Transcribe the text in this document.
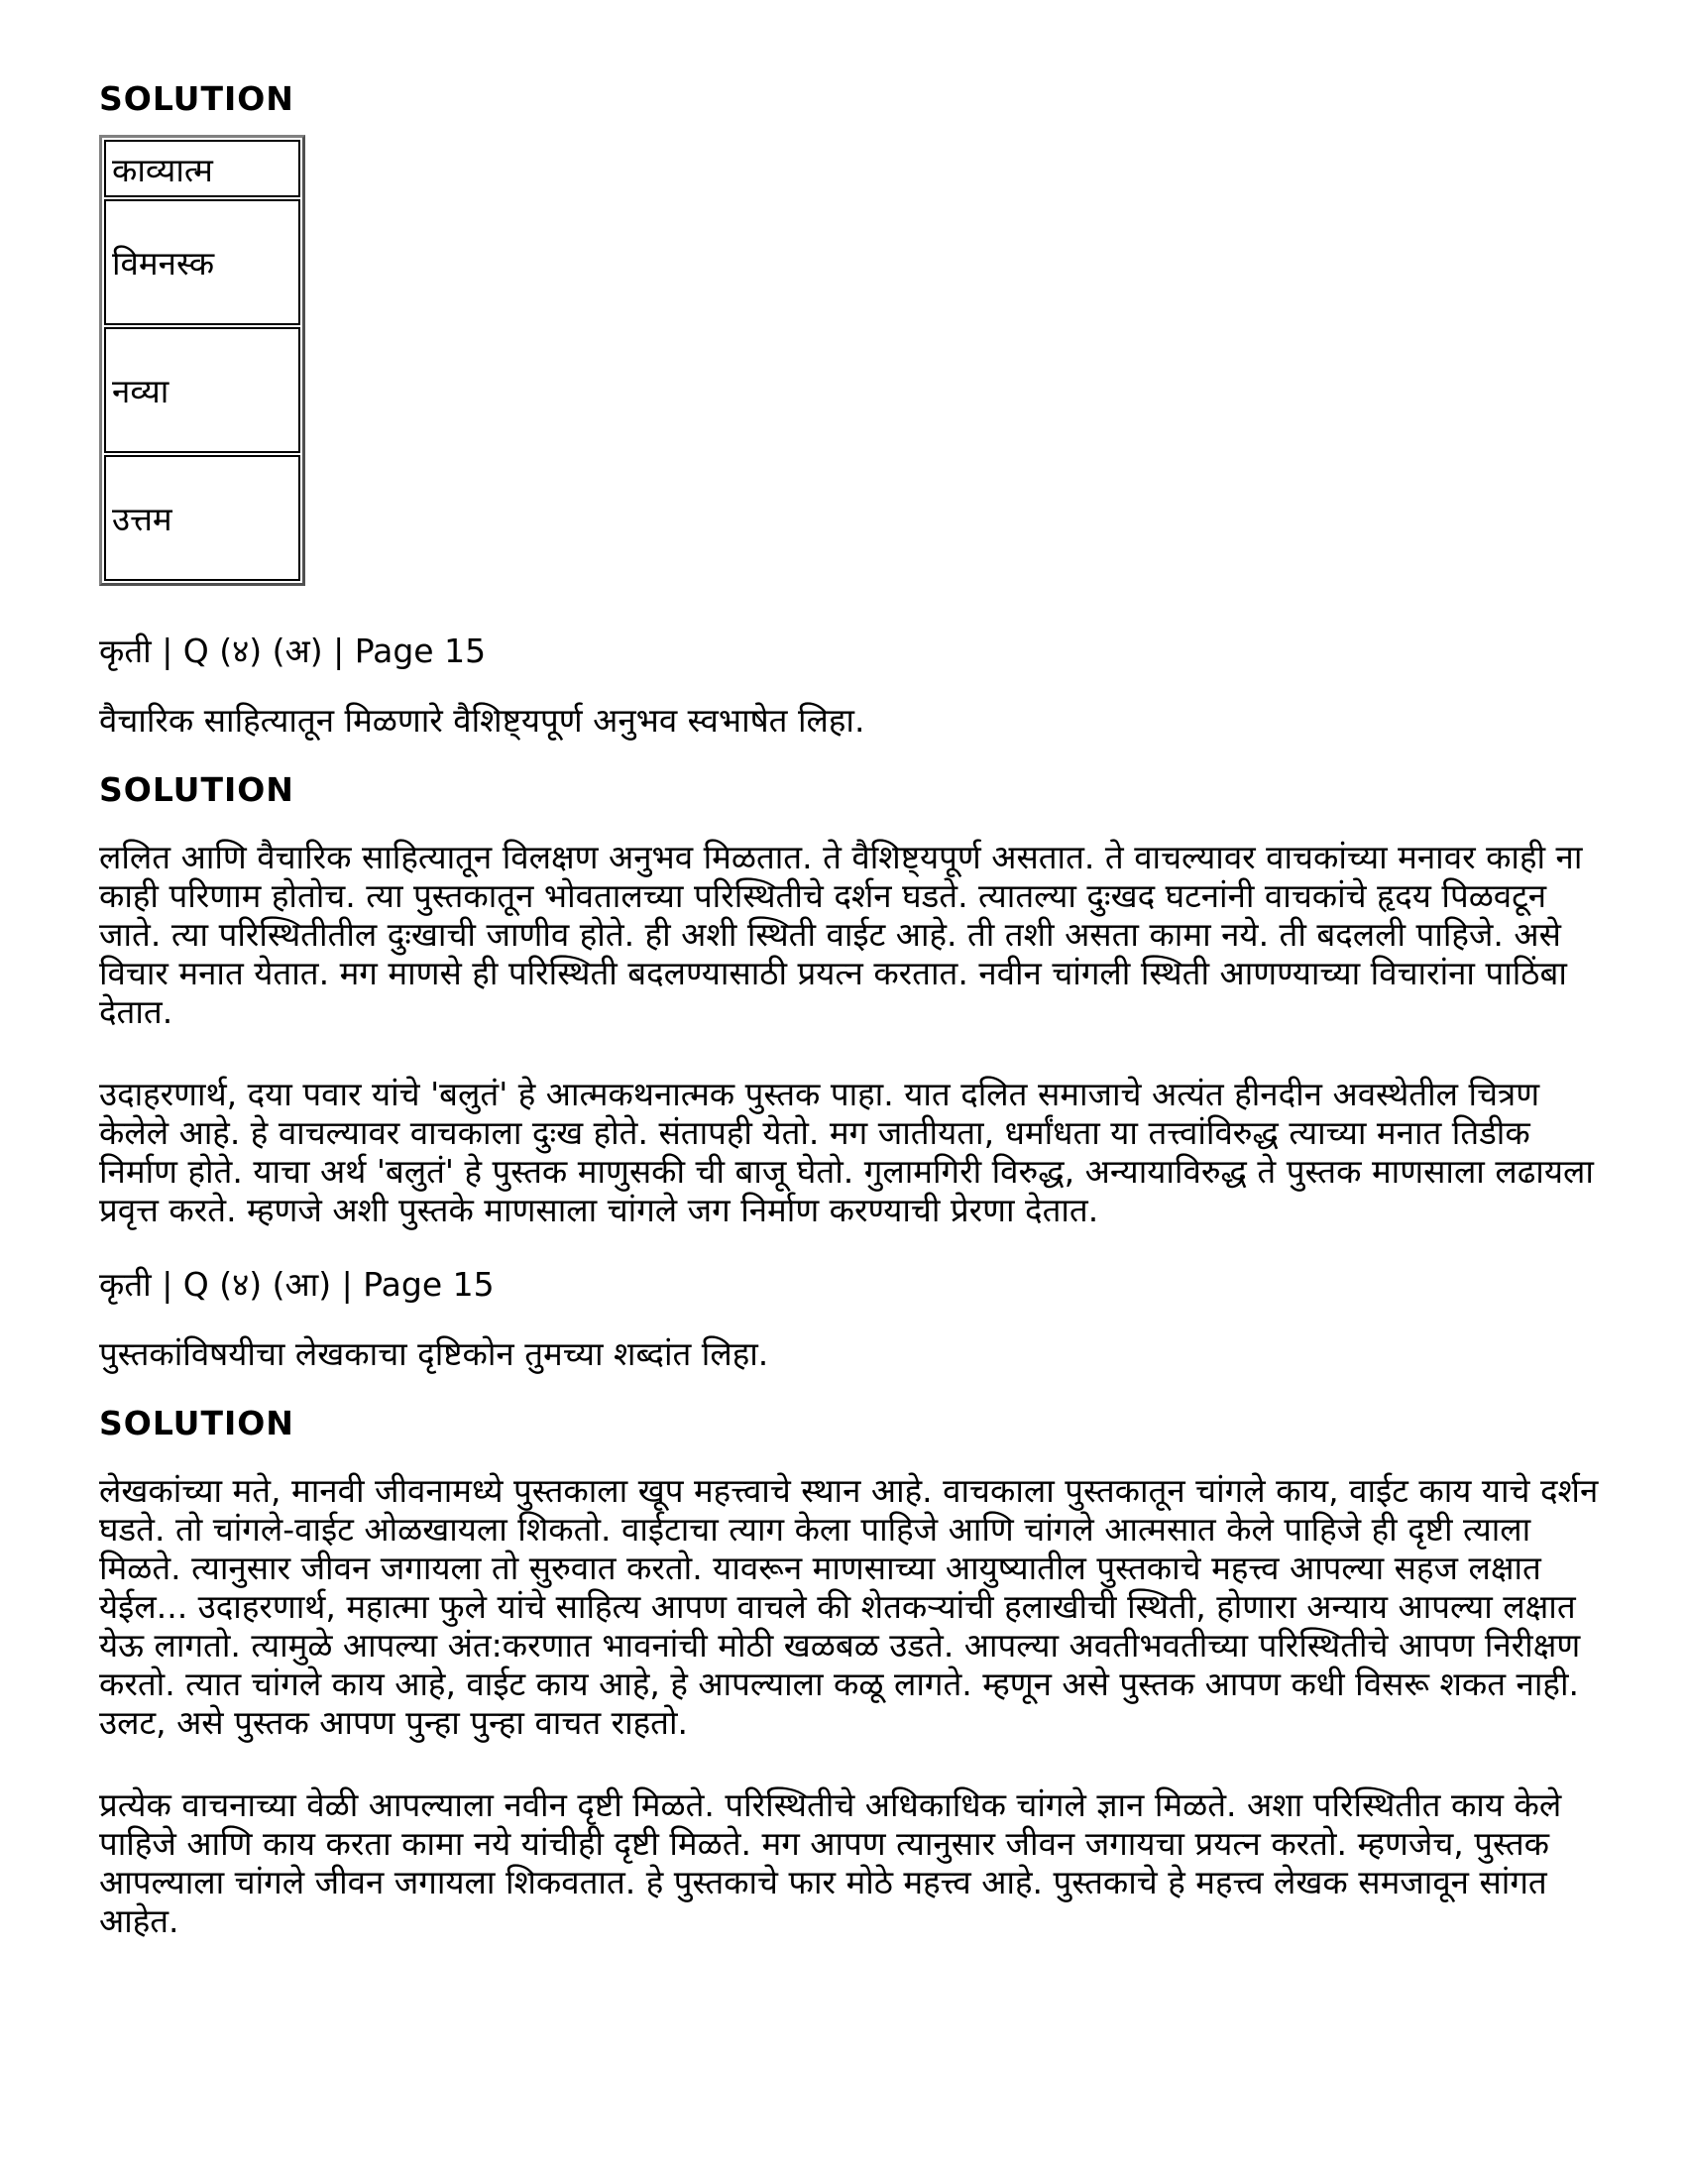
SOLUTION

काव्यात्म
विमनस्क
नव्या
उत्तम

कृती | Q (४) (अ) | Page 15

वैचारिक साहित्यातून मिळणारे वैशिष्ट्यपूर्ण अनुभव स्वभाषेत लिहा.

SOLUTION

ललित आणि वैचारिक साहित्यातून विलक्षण अनुभव मिळतात. ते वैशिष्ट्यपूर्ण असतात. ते वाचल्यावर वाचकांच्या मनावर काही ना काही परिणाम होतोच. त्या पुस्तकातून भोवतालच्या परिस्थितीचे दर्शन घडते. त्यातल्या दुःखद घटनांनी वाचकांचे हृदय पिळवटून जाते. त्या परिस्थितीतील दुःखाची जाणीव होते. ही अशी स्थिती वाईट आहे. ती तशी असता कामा नये. ती बदलली पाहिजे. असे विचार मनात येतात. मग माणसे ही परिस्थिती बदलण्यासाठी प्रयत्न करतात. नवीन चांगली स्थिती आणण्याच्या विचारांना पाठिंबा देतात.

उदाहरणार्थ, दया पवार यांचे 'बलुतं' हे आत्मकथनात्मक पुस्तक पाहा. यात दलित समाजाचे अत्यंत हीनदीन अवस्थेतील चित्रण केलेले आहे. हे वाचल्यावर वाचकाला दुःख होते. संतापही येतो. मग जातीयता, धर्मांधता या तत्त्वांविरुद्ध त्याच्या मनात तिडीक निर्माण होते. याचा अर्थ 'बलुतं' हे पुस्तक माणुसकी ची बाजू घेतो. गुलामगिरी विरुद्ध, अन्यायाविरुद्ध ते पुस्तक माणसाला लढायला प्रवृत्त करते. म्हणजे अशी पुस्तके माणसाला चांगले जग निर्माण करण्याची प्रेरणा देतात.

कृती | Q (४) (आ) | Page 15

पुस्तकांविषयीचा लेखकाचा दृष्टिकोन तुमच्या शब्दांत लिहा.

SOLUTION

लेखकांच्या मते, मानवी जीवनामध्ये पुस्तकाला खूप महत्त्वाचे स्थान आहे. वाचकाला पुस्तकातून चांगले काय, वाईट काय याचे दर्शन घडते. तो चांगले-वाईट ओळखायला शिकतो. वाईटाचा त्याग केला पाहिजे आणि चांगले आत्मसात केले पाहिजे ही दृष्टी त्याला मिळते. त्यानुसार जीवन जगायला तो सुरुवात करतो. यावरून माणसाच्या आयुष्यातील पुस्तकाचे महत्त्व आपल्या सहज लक्षात येईल... उदाहरणार्थ, महात्मा फुले यांचे साहित्य आपण वाचले की शेतकऱ्यांची हलाखीची स्थिती, होणारा अन्याय आपल्या लक्षात येऊ लागतो. त्यामुळे आपल्या अंत:करणात भावनांची मोठी खळबळ उडते. आपल्या अवतीभवतीच्या परिस्थितीचे आपण निरीक्षण करतो. त्यात चांगले काय आहे, वाईट काय आहे, हे आपल्याला कळू लागते. म्हणून असे पुस्तक आपण कधी विसरू शकत नाही. उलट, असे पुस्तक आपण पुन्हा पुन्हा वाचत राहतो.

प्रत्येक वाचनाच्या वेळी आपल्याला नवीन दृष्टी मिळते. परिस्थितीचे अधिकाधिक चांगले ज्ञान मिळते. अशा परिस्थितीत काय केले पाहिजे आणि काय करता कामा नये यांचीही दृष्टी मिळते. मग आपण त्यानुसार जीवन जगायचा प्रयत्न करतो. म्हणजेच, पुस्तक आपल्याला चांगले जीवन जगायला शिकवतात. हे पुस्तकाचे फार मोठे महत्त्व आहे. पुस्तकाचे हे महत्त्व लेखक समजावून सांगत आहेत.
